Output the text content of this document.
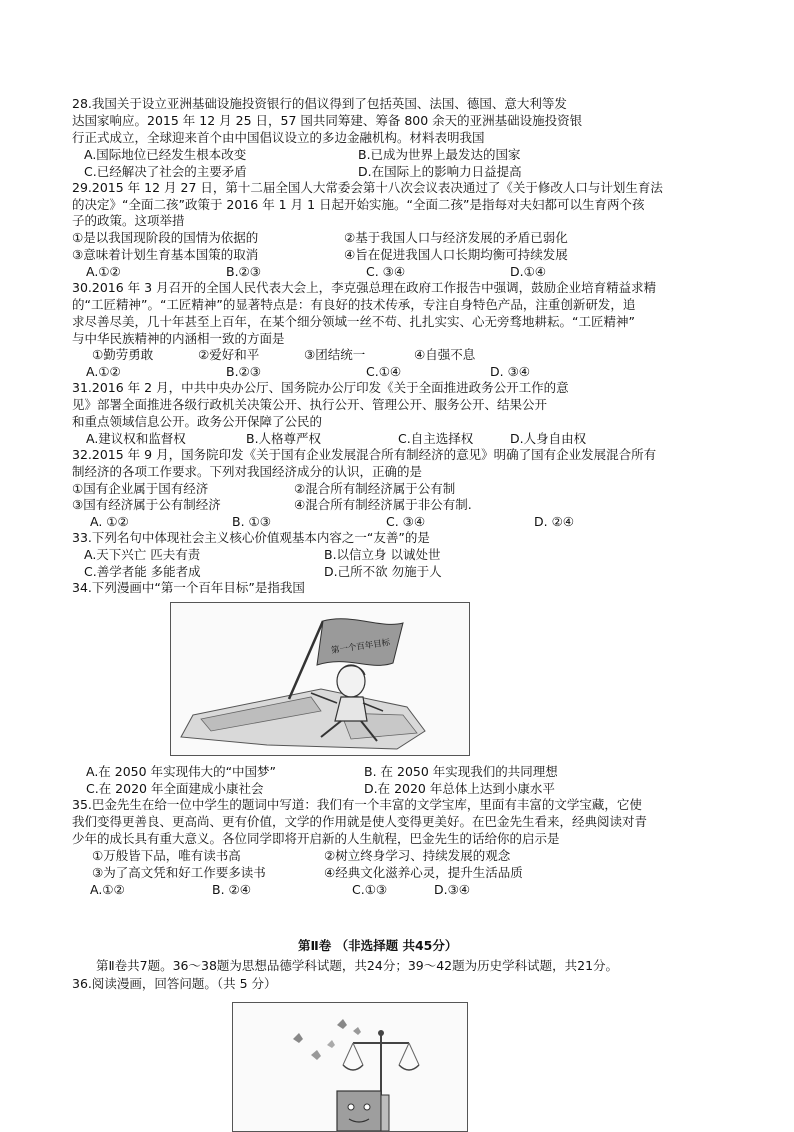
28.我国关于设立亚洲基础设施投资银行的倡议得到了包括英国、法国、德国、意大利等发
达国家响应。2015 年 12 月 25 日，57 国共同筹建、筹备 800 余天的亚洲基础设施投资银
行正式成立，全球迎来首个由中国倡议设立的多边金融机构。材料表明我国
A.国际地位已经发生根本改变	B.已成为世界上最发达的国家
C.已经解决了社会的主要矛盾	D.在国际上的影响力日益提高
29.2015 年 12 月 27 日，第十二届全国人大常委会第十八次会议表决通过了《关于修改人口与计划生育法
的决定》“全面二孩”政策于 2016 年 1 月 1 日起开始实施。“全面二孩”是指每对夫妇都可以生育两个孩
子的政策。这项举措
①是以我国现阶段的国情为依据的	②基于我国人口与经济发展的矛盾已弱化
③意味着计划生育基本国策的取消	④旨在促进我国人口长期均衡可持续发展
A.①②	B.②③	C. ③④	D.①④
30.2016 年 3 月召开的全国人民代表大会上，李克强总理在政府工作报告中强调，鼓励企业培育精益求精
的“工匠精神”。“工匠精神”的显著特点是：有良好的技术传承，专注自身特色产品，注重创新研发，追
求尽善尽美，几十年甚至上百年，在某个细分领域一丝不苟、扎扎实实、心无旁骛地耕耘。“工匠精神”
与中华民族精神的内涵相一致的方面是
①勤劳勇敢	②爱好和平	③团结统一	④自强不息
A.①②	B.②③	C.①④	D. ③④
31.2016 年 2 月，中共中央办公厅、国务院办公厅印发《关于全面推进政务公开工作的意
见》部署全面推进各级行政机关决策公开、执行公开、管理公开、服务公开、结果公开
和重点领域信息公开。政务公开保障了公民的
A.建议权和监督权	B.人格尊严权	C.自主选择权	D.人身自由权
32.2015 年 9 月，国务院印发《关于国有企业发展混合所有制经济的意见》明确了国有企业发展混合所有
制经济的各项工作要求。下列对我国经济成分的认识，正确的是
①国有企业属于国有经济	②混合所有制经济属于公有制
③国有经济属于公有制经济	④混合所有制经济属于非公有制.
A. ①②	B. ①③	C. ③④	D. ②④
33.下列名句中体现社会主义核心价值观基本内容之一“友善”的是
A.天下兴亡 匹夫有责	B.以信立身 以诚处世
C.善学者能 多能者成	D.己所不欲 勿施于人
34.下列漫画中“第一个百年目标”是指我国
第一个百年目标
A.在 2050 年实现伟大的“中国梦”	B. 在 2050 年实现我们的共同理想
C.在 2020 年全面建成小康社会	D.在 2020 年总体上达到小康水平
35.巴金先生在给一位中学生的题词中写道：我们有一个丰富的文学宝库，里面有丰富的文学宝藏，它使
我们变得更善良、更高尚、更有价值，文学的作用就是使人变得更美好。在巴金先生看来，经典阅读对青
少年的成长具有重大意义。各位同学即将开启新的人生航程，巴金先生的话给你的启示是
①万般皆下品，唯有读书高	②树立终身学习、持续发展的观念
③为了高文凭和好工作要多读书	④经典文化滋养心灵，提升生活品质
A.①②	B. ②④	C.①③	D.③④
第Ⅱ卷 （非选择题 共45分）
第Ⅱ卷共7题。36～38题为思想品德学科试题，共24分；39～42题为历史学科试题，共21分。
36.阅读漫画，回答问题。（共 5 分）
